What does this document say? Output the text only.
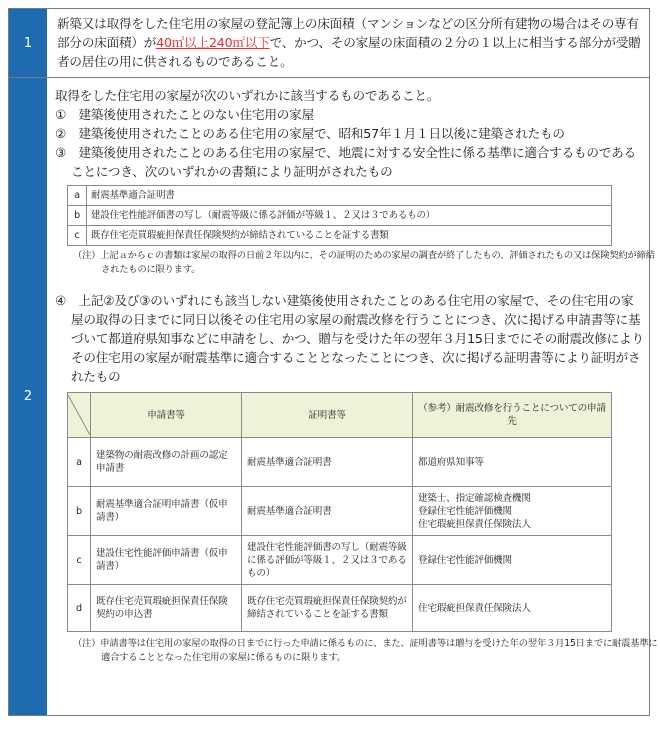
1
新築又は取得をした住宅用の家屋の登記簿上の床面積（マンションなどの区分所有建物の場合はその専有部分の床面積）が40㎡以上240㎡以下で、かつ、その家屋の床面積の２分の１以上に相当する部分が受贈者の居住の用に供されるものであること。
2

取得をした住宅用の家屋が次のいずれかに該当するものであること。

①　建築後使用されたことのない住宅用の家屋

②　建築後使用されたことのある住宅用の家屋で、昭和57年１月１日以後に建築されたもの

③　建築後使用されたことのある住宅用の家屋で、地震に対する安全性に係る基準に適合するものであることにつき、次のいずれかの書類により証明がされたもの

a	耐震基準適合証明書
b	建設住宅性能評価書の写し（耐震等級に係る評価が等級１、２又は３であるもの）
c	既存住宅売買瑕疵担保責任保険契約が締結されていることを証する書類
（注）上記ａからｃの書類は家屋の取得の日前２年以内に、その証明のための家屋の調査が終了したもの、評価されたもの又は保険契約が締結されたものに限ります。

④　上記②及び③のいずれにも該当しない建築後使用されたことのある住宅用の家屋で、その住宅用の家屋の取得の日までに同日以後その住宅用の家屋の耐震改修を行うことにつき、次に掲げる申請書等に基づいて都道府県知事などに申請をし、かつ、贈与を受けた年の翌年３月15日までにその耐震改修によりその住宅用の家屋が耐震基準に適合することとなったことにつき、次に掲げる証明書等により証明がされたもの

	申請書等	証明書等	（参考）耐震改修を行うことについての申請先
a	建築物の耐震改修の計画の認定申請書	耐震基準適合証明書	都道府県知事等
b	耐震基準適合証明申請書（仮申請書）	耐震基準適合証明書	建築士、指定確認検査機関
登録住宅性能評価機関
住宅瑕疵担保責任保険法人
c	建設住宅性能評価申請書（仮申請書）	建設住宅性能評価書の写し（耐震等級に係る評価が等級１、２又は３であるもの）	登録住宅性能評価機関
d	既存住宅売買瑕疵担保責任保険契約の申込書	既存住宅売買瑕疵担保責任保険契約が締結されていることを証する書類	住宅瑕疵担保責任保険法人
（注）申請書等は住宅用の家屋の取得の日までに行った申請に係るものに、また、証明書等は贈与を受けた年の翌年３月15日までに耐震基準に適合することとなった住宅用の家屋に係るものに限ります。
